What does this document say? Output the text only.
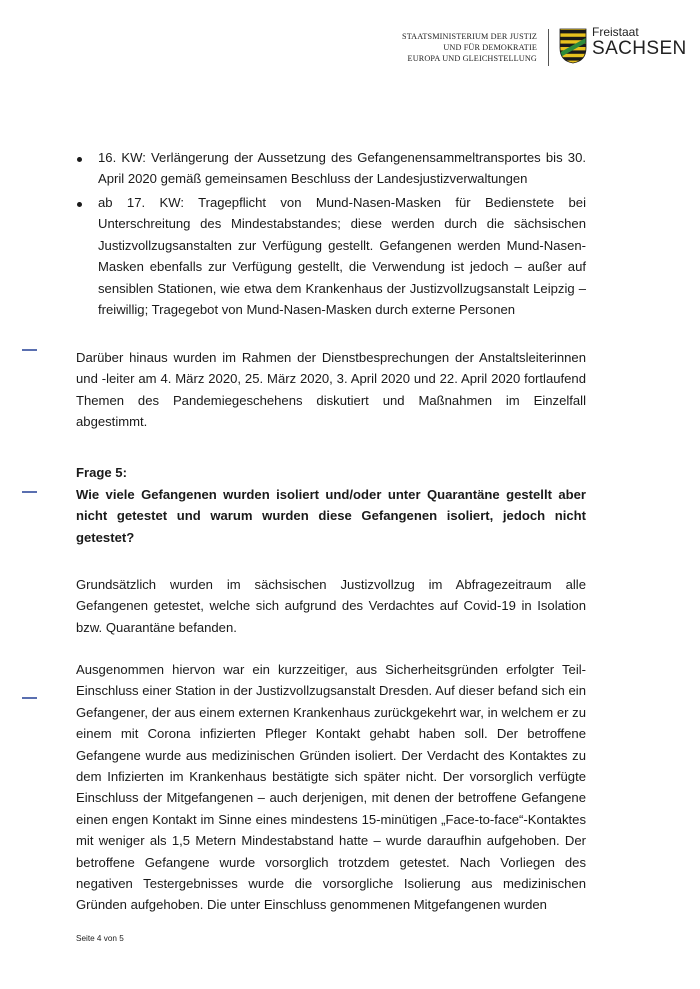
STAATSMINISTERIUM DER JUSTIZ
UND FÜR DEMOKRATIE
EUROPA UND GLEICHSTELLUNG
Freistaat
SACHSEN

16. KW: Verlängerung der Aussetzung des Gefangenensammeltransportes bis 30. April 2020 gemäß gemeinsamen Beschluss der Landesjustizverwaltungen

ab 17. KW: Tragepflicht von Mund-Nasen-Masken für Bedienstete bei Unterschreitung des Mindestabstandes; diese werden durch die sächsischen Justizvollzugsanstalten zur Verfügung gestellt. Gefangenen werden Mund-Nasen-Masken ebenfalls zur Verfügung gestellt, die Verwendung ist jedoch – außer auf sensiblen Stationen, wie etwa dem Krankenhaus der Justizvollzugsanstalt Leipzig – freiwillig; Tragegebot von Mund-Nasen-Masken durch externe Personen

Darüber hinaus wurden im Rahmen der Dienstbesprechungen der Anstaltsleiterinnen und -leiter am 4. März 2020, 25. März 2020, 3. April 2020 und 22. April 2020 fortlaufend Themen des Pandemiegeschehens diskutiert und Maßnahmen im Einzelfall abgestimmt.

Frage 5:

Wie viele Gefangenen wurden isoliert und/oder unter Quarantäne gestellt aber nicht getestet und warum wurden diese Gefangenen isoliert, jedoch nicht getestet?

Grundsätzlich wurden im sächsischen Justizvollzug im Abfragezeitraum alle Gefangenen getestet, welche sich aufgrund des Verdachtes auf Covid-19 in Isolation bzw. Quarantäne befanden.

Ausgenommen hiervon war ein kurzzeitiger, aus Sicherheitsgründen erfolgter Teil-Einschluss einer Station in der Justizvollzugsanstalt Dresden. Auf dieser befand sich ein Gefangener, der aus einem externen Krankenhaus zurückgekehrt war, in welchem er zu einem mit Corona infizierten Pfleger Kontakt gehabt haben soll. Der betroffene Gefangene wurde aus medizinischen Gründen isoliert. Der Verdacht des Kontaktes zu dem Infizierten im Krankenhaus bestätigte sich später nicht. Der vorsorglich verfügte Einschluss der Mitgefangenen – auch derjenigen, mit denen der betroffene Gefangene einen engen Kontakt im Sinne eines mindestens 15-minütigen „Face-to-face“-Kontaktes mit weniger als 1,5 Metern Mindestabstand hatte – wurde daraufhin aufgehoben. Der betroffene Gefangene wurde vorsorglich trotzdem getestet. Nach Vorliegen des negativen Testergebnisses wurde die vorsorgliche Isolierung aus medizinischen Gründen aufgehoben. Die unter Einschluss genommenen Mitgefangenen wurden

Seite 4 von 5
